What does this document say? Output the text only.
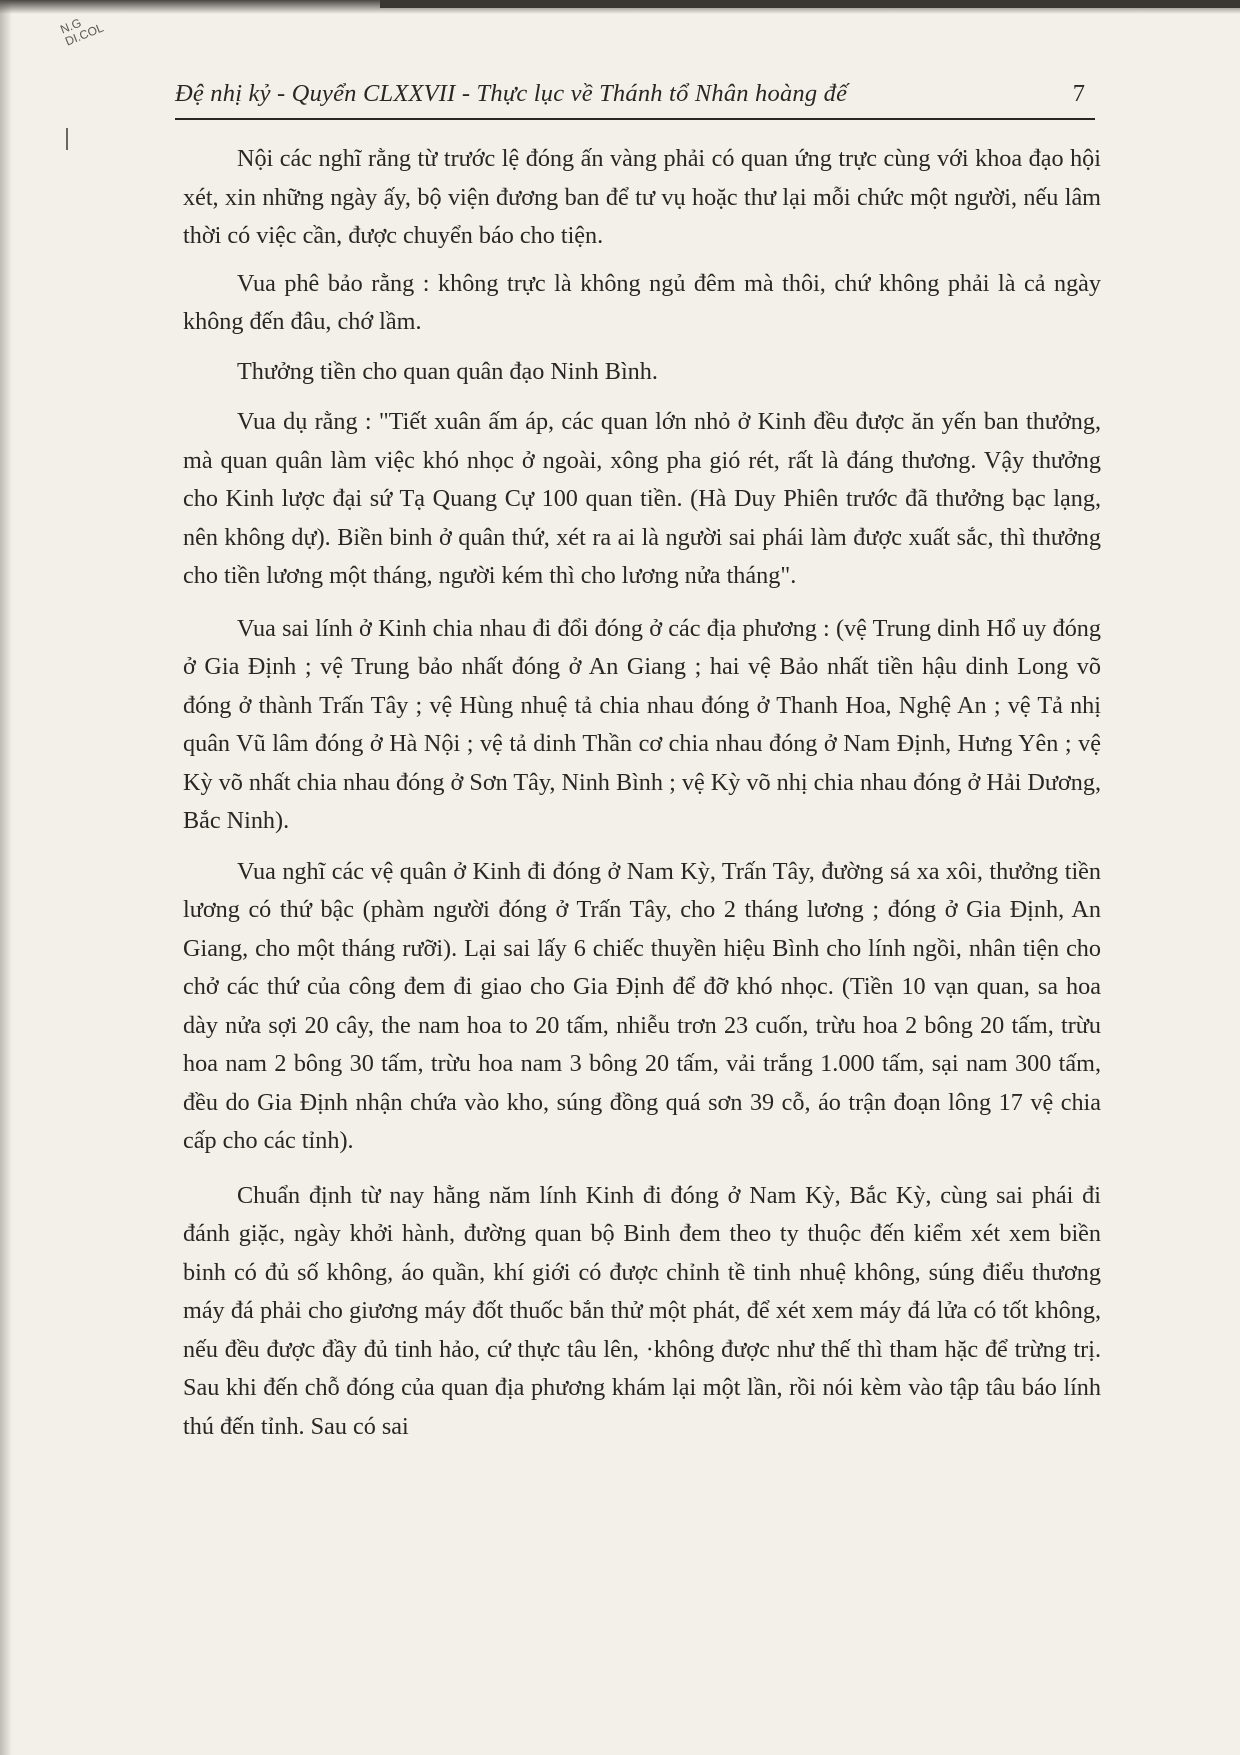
N.G
DI.COL
Đệ nhị kỷ - Quyển CLXXVII - Thực lục về Thánh tổ Nhân hoàng đế	7

Nội các nghĩ rằng từ trước lệ đóng ấn vàng phải có quan ứng trực cùng với khoa đạo hội xét, xin những ngày ấy, bộ viện đương ban để tư vụ hoặc thư lại mỗi chức một người, nếu lâm thời có việc cần, được chuyển báo cho tiện.

Vua phê bảo rằng : không trực là không ngủ đêm mà thôi, chứ không phải là cả ngày không đến đâu, chớ lầm.

Thưởng tiền cho quan quân đạo Ninh Bình.

Vua dụ rằng : "Tiết xuân ấm áp, các quan lớn nhỏ ở Kinh đều được ăn yến ban thưởng, mà quan quân làm việc khó nhọc ở ngoài, xông pha gió rét, rất là đáng thương. Vậy thưởng cho Kinh lược đại sứ Tạ Quang Cự 100 quan tiền. (Hà Duy Phiên trước đã thưởng bạc lạng, nên không dự). Biền binh ở quân thứ, xét ra ai là người sai phái làm được xuất sắc, thì thưởng cho tiền lương một tháng, người kém thì cho lương nửa tháng".

Vua sai lính ở Kinh chia nhau đi đổi đóng ở các địa phương : (vệ Trung dinh Hổ uy đóng ở Gia Định ; vệ Trung bảo nhất đóng ở An Giang ; hai vệ Bảo nhất tiền hậu dinh Long võ đóng ở thành Trấn Tây ; vệ Hùng nhuệ tả chia nhau đóng ở Thanh Hoa, Nghệ An ; vệ Tả nhị quân Vũ lâm đóng ở Hà Nội ; vệ tả dinh Thần cơ chia nhau đóng ở Nam Định, Hưng Yên ; vệ Kỳ võ nhất chia nhau đóng ở Sơn Tây, Ninh Bình ; vệ Kỳ võ nhị chia nhau đóng ở Hải Dương, Bắc Ninh).

Vua nghĩ các vệ quân ở Kinh đi đóng ở Nam Kỳ, Trấn Tây, đường sá xa xôi, thưởng tiền lương có thứ bậc (phàm người đóng ở Trấn Tây, cho 2 tháng lương ; đóng ở Gia Định, An Giang, cho một tháng rưỡi). Lại sai lấy 6 chiếc thuyền hiệu Bình cho lính ngồi, nhân tiện cho chở các thứ của công đem đi giao cho Gia Định để đỡ khó nhọc. (Tiền 10 vạn quan, sa hoa dày nửa sợi 20 cây, the nam hoa to 20 tấm, nhiễu trơn 23 cuốn, trừu hoa 2 bông 20 tấm, trừu hoa nam 2 bông 30 tấm, trừu hoa nam 3 bông 20 tấm, vải trắng 1.000 tấm, sại nam 300 tấm, đều do Gia Định nhận chứa vào kho, súng đồng quá sơn 39 cỗ, áo trận đoạn lông 17 vệ chia cấp cho các tỉnh).

Chuẩn định từ nay hằng năm lính Kinh đi đóng ở Nam Kỳ, Bắc Kỳ, cùng sai phái đi đánh giặc, ngày khởi hành, đường quan bộ Binh đem theo ty thuộc đến kiểm xét xem biền binh có đủ số không, áo quần, khí giới có được chỉnh tề tinh nhuệ không, súng điểu thương máy đá phải cho giương máy đốt thuốc bắn thử một phát, để xét xem máy đá lửa có tốt không, nếu đều được đầy đủ tinh hảo, cứ thực tâu lên, ·không được như thế thì tham hặc để trừng trị. Sau khi đến chỗ đóng của quan địa phương khám lại một lần, rồi nói kèm vào tập tâu báo lính thú đến tỉnh. Sau có sai
